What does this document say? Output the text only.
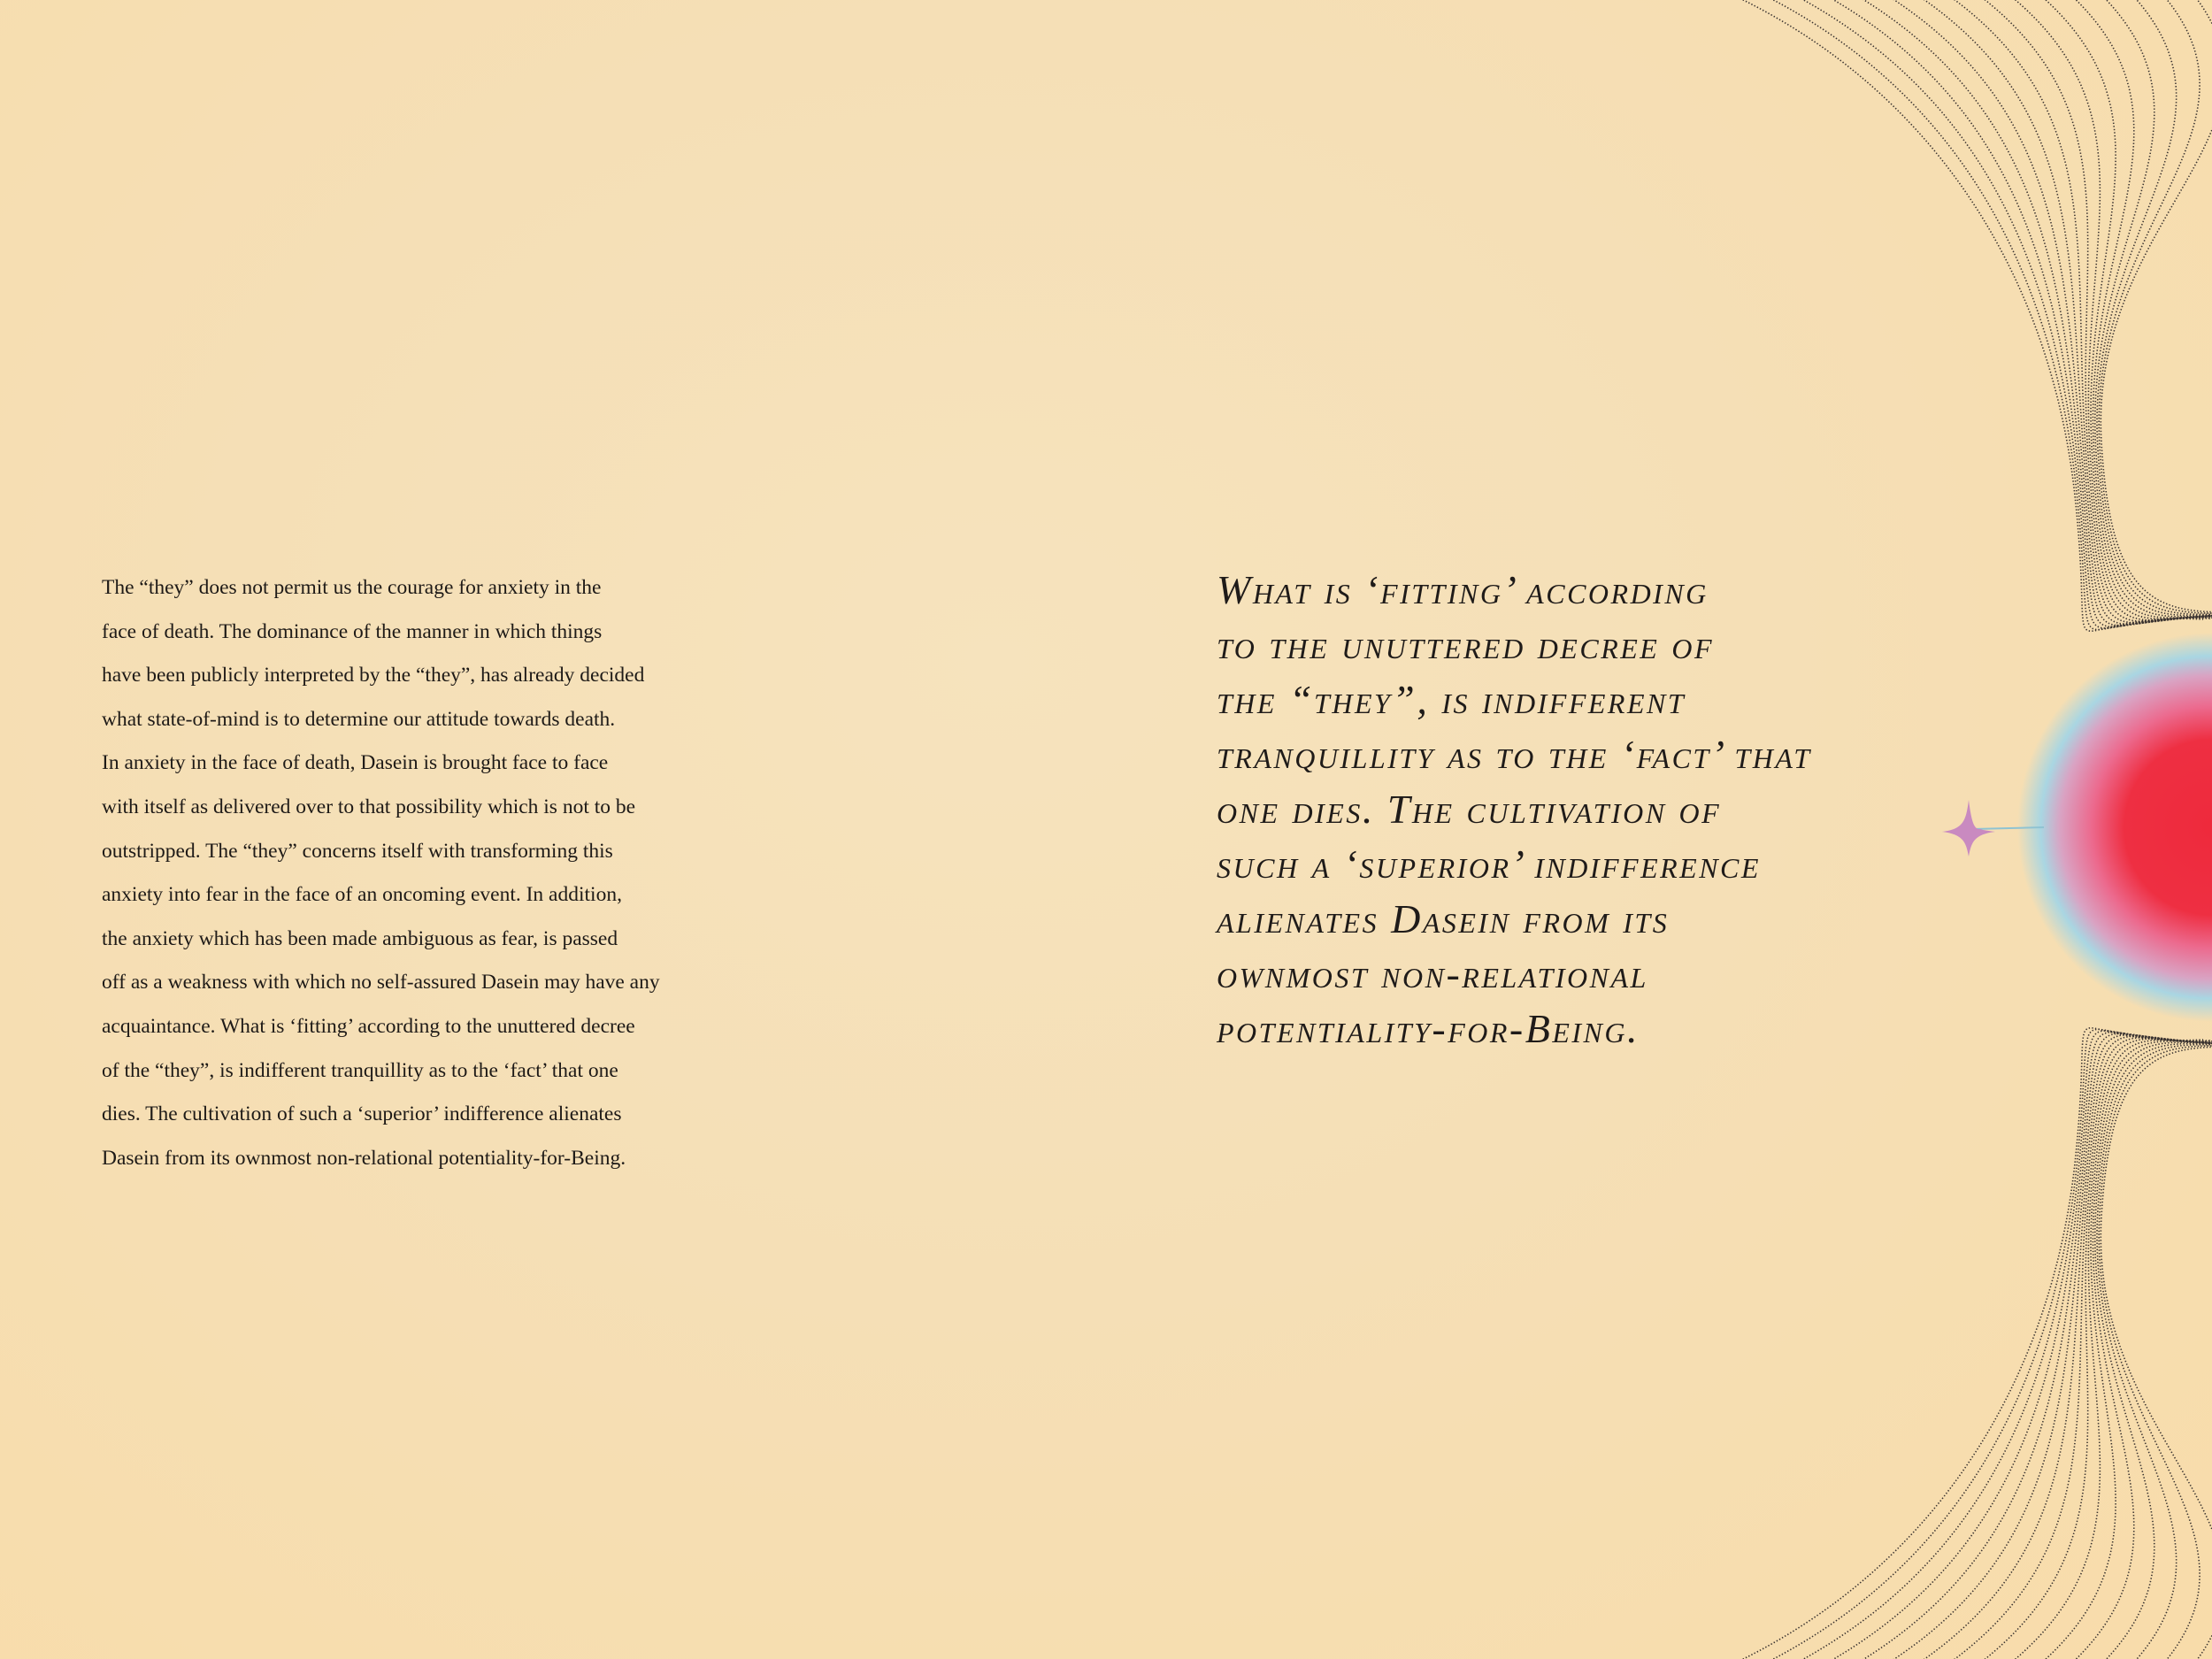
The “they” does not permit us the courage for anxiety in the
face of death. The dominance of the manner in which things
have been publicly interpreted by the “they”, has already decided
what state-of-mind is to determine our attitude towards death.
In anxiety in the face of death, Dasein is brought face to face
with itself as delivered over to that possibility which is not to be
outstripped. The “they” concerns itself with transforming this
anxiety into fear in the face of an oncoming event. In addition,
the anxiety which has been made ambiguous as fear, is passed
off as a weakness with which no self-assured Dasein may have any
acquaintance. What is ‘fitting’ according to the unuttered decree
of the “they”, is indifferent tranquillity as to the ‘fact’ that one
dies. The cultivation of such a ‘superior’ indifference alienates
Dasein from its ownmost non-relational potentiality-for-Being.

What is ‘fitting’ according
to the unuttered decree of
the “they”, is indifferent
tranquillity as to the ‘fact’ that
one dies. The cultivation of
such a ‘superior’ indifference
alienates Dasein from its
ownmost non-relational
potentiality-for-Being.
